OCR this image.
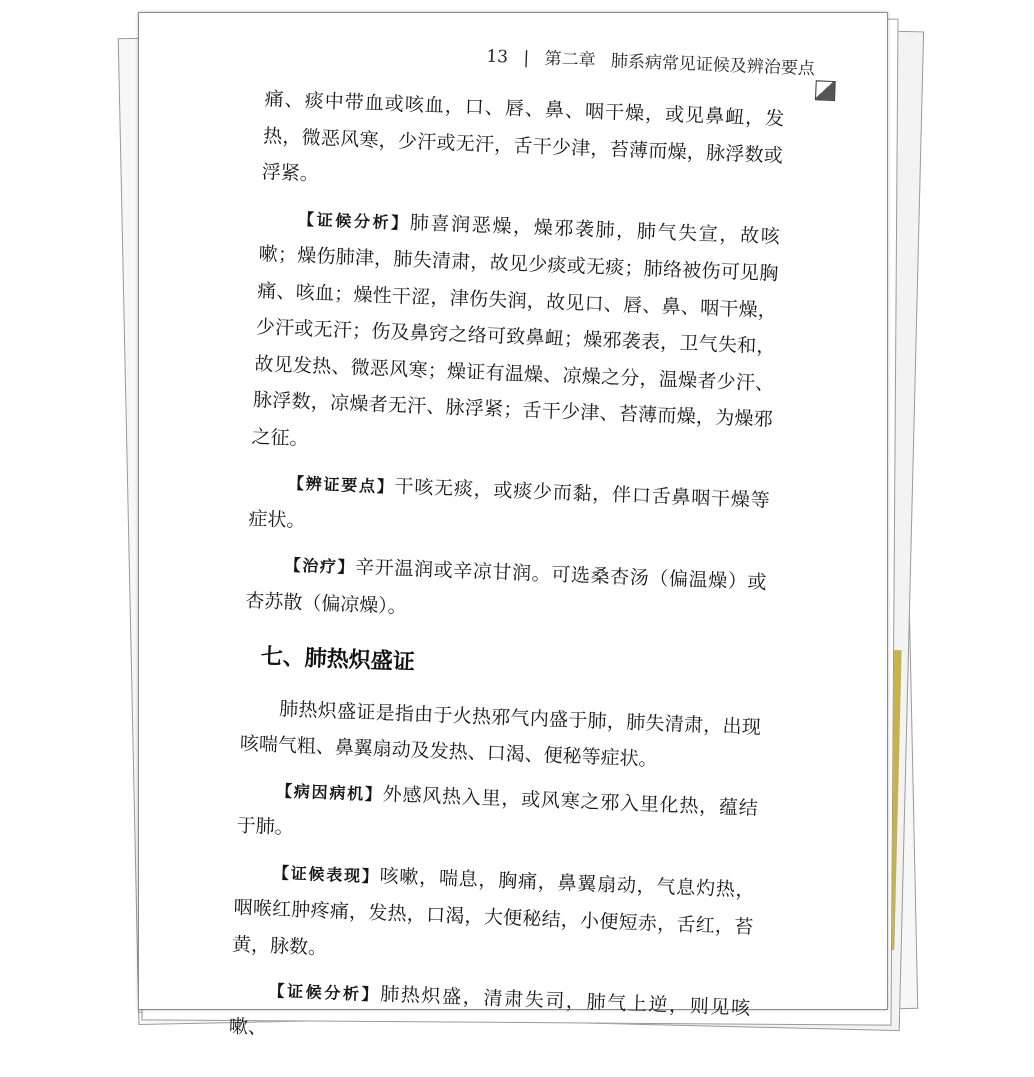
13 | 第二章 肺系病常见证候及辨治要点

痛、痰中带血或咳血，口、唇、鼻、咽干燥，或见鼻衄，发热，微恶风寒，少汗或无汗，舌干少津，苔薄而燥，脉浮数或浮紧。

【证候分析】肺喜润恶燥，燥邪袭肺，肺气失宣，故咳嗽；燥伤肺津，肺失清肃，故见少痰或无痰；肺络被伤可见胸痛、咳血；燥性干涩，津伤失润，故见口、唇、鼻、咽干燥，少汗或无汗；伤及鼻窍之络可致鼻衄；燥邪袭表，卫气失和，故见发热、微恶风寒；燥证有温燥、凉燥之分，温燥者少汗、脉浮数，凉燥者无汗、脉浮紧；舌干少津、苔薄而燥，为燥邪之征。

【辨证要点】干咳无痰，或痰少而黏，伴口舌鼻咽干燥等症状。

【治疗】辛开温润或辛凉甘润。可选桑杏汤（偏温燥）或杏苏散（偏凉燥）。

七、肺热炽盛证

肺热炽盛证是指由于火热邪气内盛于肺，肺失清肃，出现咳喘气粗、鼻翼扇动及发热、口渴、便秘等症状。

【病因病机】外感风热入里，或风寒之邪入里化热，蕴结于肺。

【证候表现】咳嗽，喘息，胸痛，鼻翼扇动，气息灼热，咽喉红肿疼痛，发热，口渴，大便秘结，小便短赤，舌红，苔黄，脉数。

【证候分析】肺热炽盛，清肃失司，肺气上逆，则见咳嗽、
